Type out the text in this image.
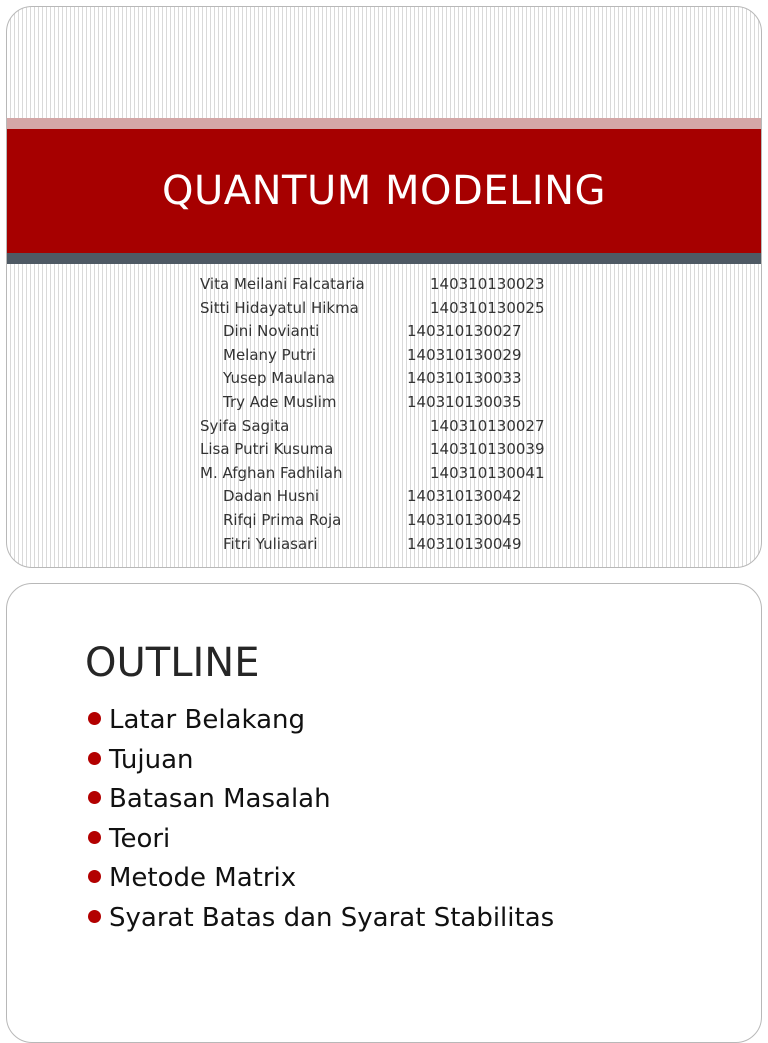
QUANTUM MODELING
Vita Meilani Falcataria	140310130023
Sitti Hidayatul Hikma	140310130025
Dini Novianti	140310130027
Melany Putri	140310130029
Yusep Maulana	140310130033
Try Ade Muslim	140310130035
Syifa Sagita	140310130027
Lisa Putri Kusuma	140310130039
M. Afghan Fadhilah	140310130041
Dadan Husni	140310130042
Rifqi Prima Roja	140310130045
Fitri Yuliasari	140310130049
OUTLINE
Latar Belakang
Tujuan
Batasan Masalah
Teori
Metode Matrix
Syarat Batas dan Syarat Stabilitas
